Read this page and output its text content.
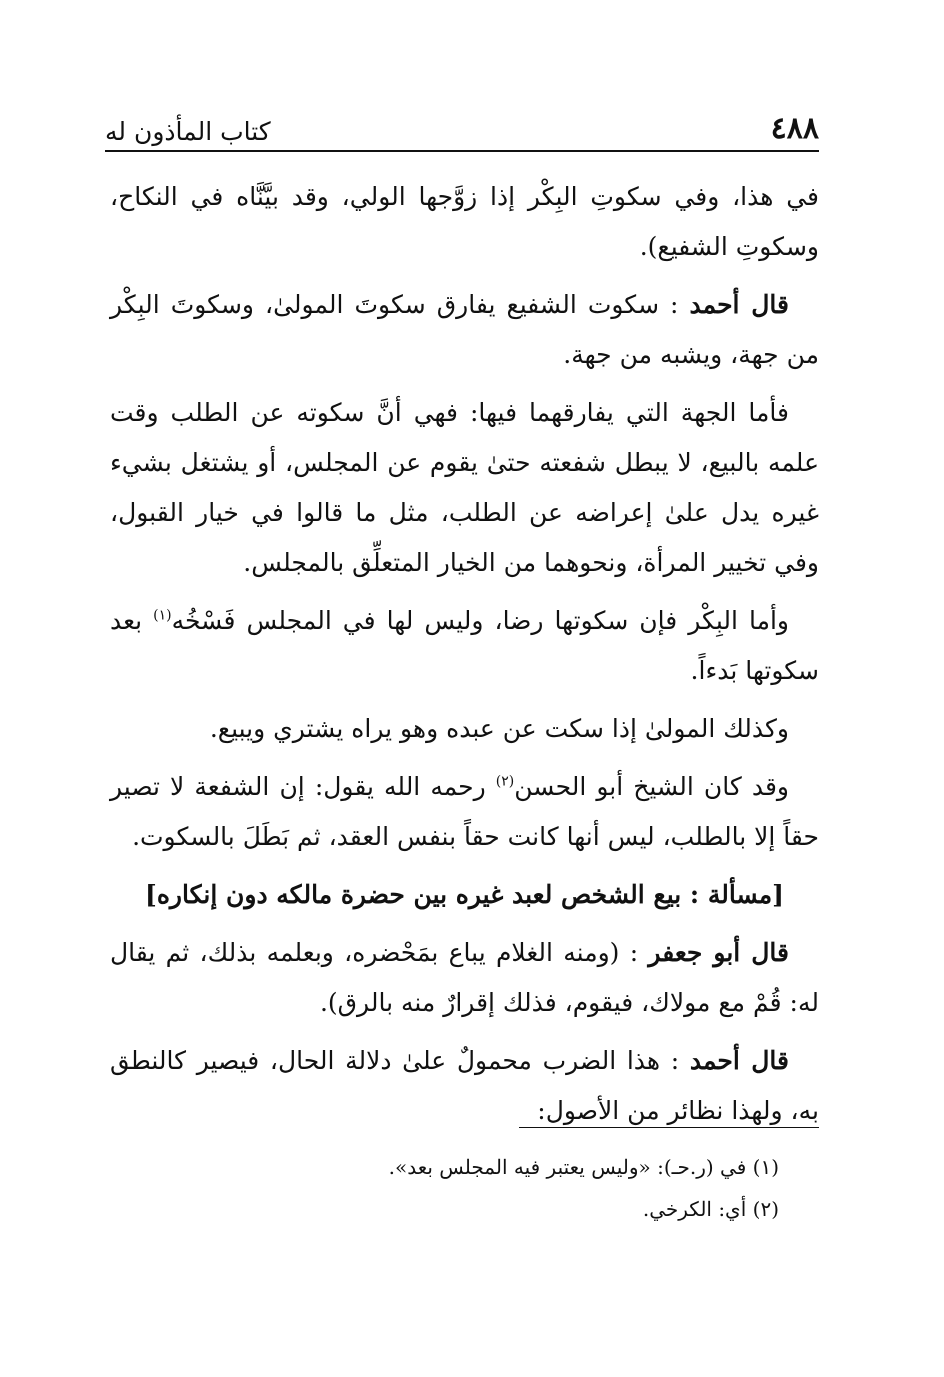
٤٨٨
كتاب المأذون له

في هذا، وفي سكوتِ البِكْر إذا زوَّجها الولي، وقد بيَّنَّاه في النكاح، وسكوتِ الشفيع).

قال أحمد : سكوت الشفيع يفارق سكوتَ المولىٰ، وسكوتَ البِكْر من جهة، ويشبه من جهة.

فأما الجهة التي يفارقهما فيها: فهي أنَّ سكوته عن الطلب وقت علمه بالبيع، لا يبطل شفعته حتىٰ يقوم عن المجلس، أو يشتغل بشيء غيره يدل علىٰ إعراضه عن الطلب، مثل ما قالوا في خيار القبول، وفي تخيير المرأة، ونحوهما من الخيار المتعلِّق بالمجلس.

وأما البِكْر فإن سكوتها رضا، وليس لها في المجلس فَسْخُه$^{(١)}$ بعد سكوتها بَدءاً.

وكذلك المولىٰ إذا سكت عن عبده وهو يراه يشتري ويبيع.

وقد كان الشيخ أبو الحسن$^{(٢)}$ رحمه الله يقول: إن الشفعة لا تصير حقاً إلا بالطلب، ليس أنها كانت حقاً بنفس العقد، ثم بَطَلَ بالسكوت.

[مسألة : بيع الشخص لعبد غيره بين حضرة مالكه دون إنكاره]

قال أبو جعفر : (ومنه الغلام يباع بمَحْضره، وبعلمه بذلك، ثم يقال له: قُمْ مع مولاك، فيقوم، فذلك إقرارٌ منه بالرق).

قال أحمد : هذا الضرب محمولٌ علىٰ دلالة الحال، فيصير كالنطق به، ولهذا نظائر من الأصول:

(١) في (ر.حـ): «وليس يعتبر فيه المجلس بعد».
(٢) أي: الكرخي.
